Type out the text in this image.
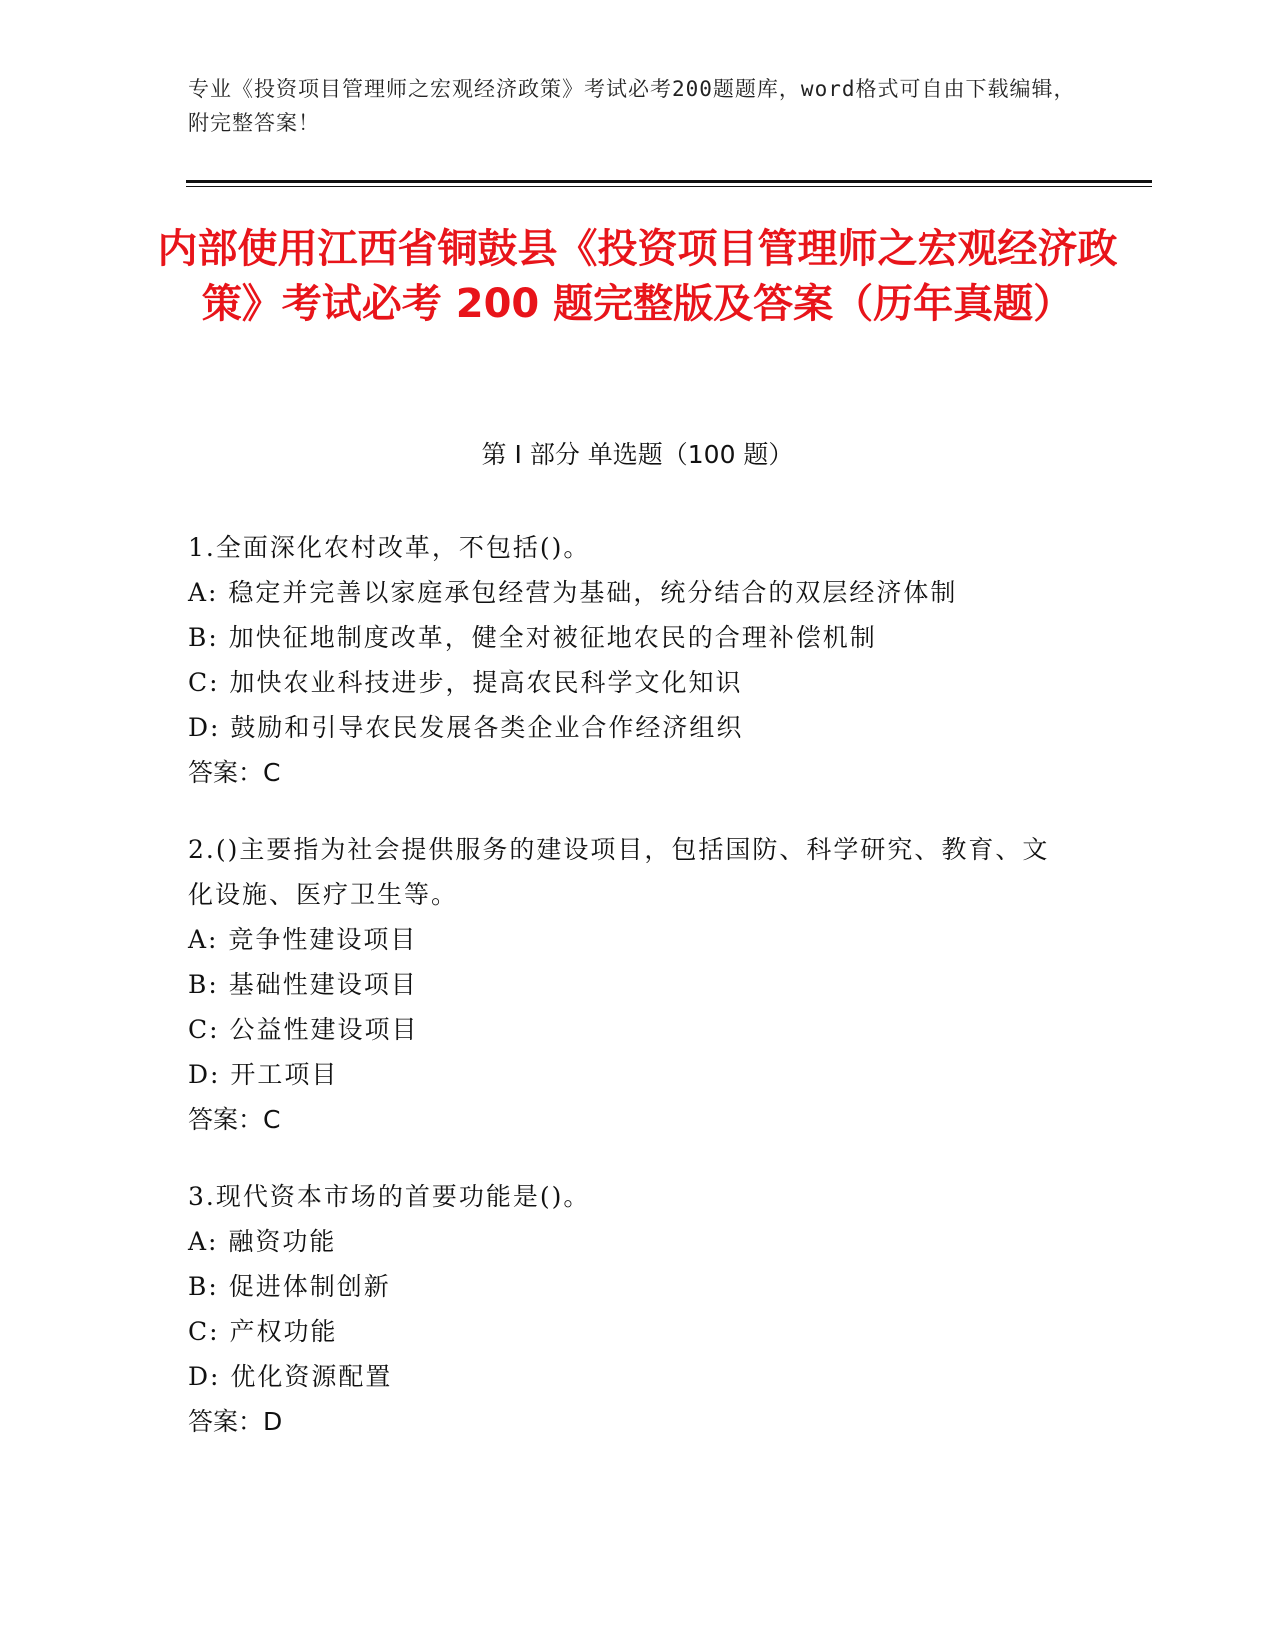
专业《投资项目管理师之宏观经济政策》考试必考200题题库，word格式可自由下载编辑，附完整答案！
内部使用江西省铜鼓县《投资项目管理师之宏观经济政策》考试必考 200 题完整版及答案（历年真题）
第 I 部分 单选题（100 题）
1.全面深化农村改革，不包括()。
A: 稳定并完善以家庭承包经营为基础，统分结合的双层经济体制
B: 加快征地制度改革，健全对被征地农民的合理补偿机制
C: 加快农业科技进步，提高农民科学文化知识
D: 鼓励和引导农民发展各类企业合作经济组织
答案：C
2.()主要指为社会提供服务的建设项目，包括国防、科学研究、教育、文化设施、医疗卫生等。
A: 竞争性建设项目
B: 基础性建设项目
C: 公益性建设项目
D: 开工项目
答案：C
3.现代资本市场的首要功能是()。
A: 融资功能
B: 促进体制创新
C: 产权功能
D: 优化资源配置
答案：D
